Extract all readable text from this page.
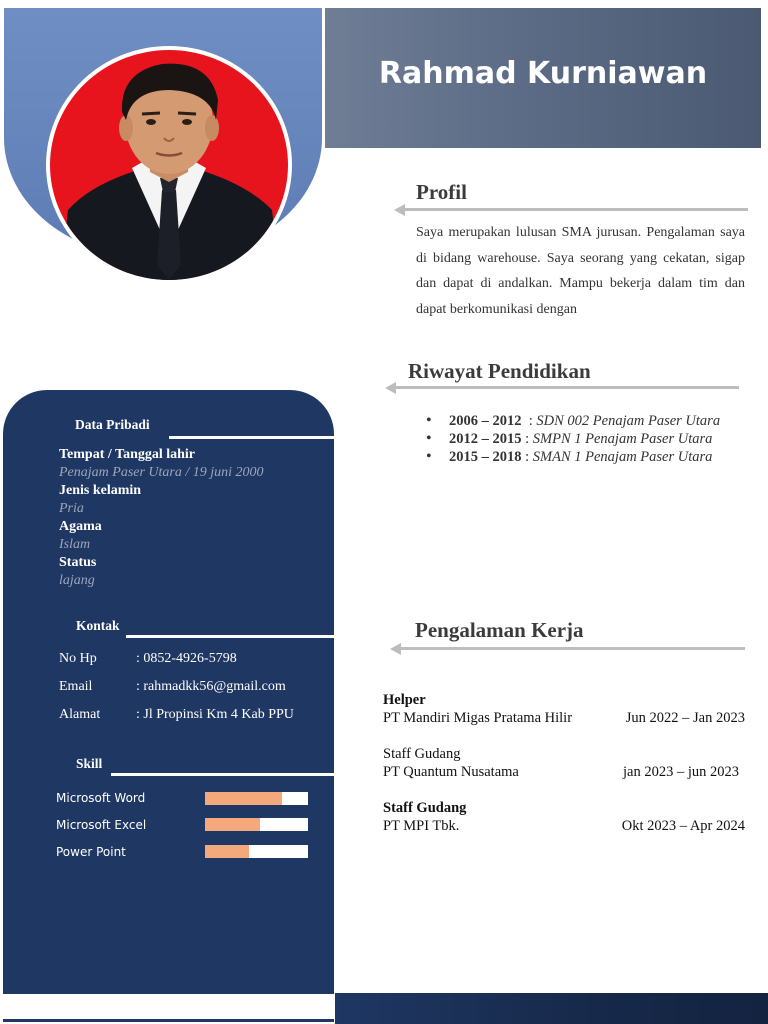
Rahmad Kurniawan
Profil
Saya merupakan lulusan SMA jurusan. Pengalaman saya di bidang warehouse. Saya seorang yang cekatan, sigap dan dapat di andalkan. Mampu bekerja dalam tim dan dapat berkomunikasi dengan
Riwayat Pendidikan
• 2006 – 2012  : SDN 002 Penajam Paser Utara
• 2012 – 2015 : SMPN 1 Penajam Paser Utara
• 2015 – 2018 : SMAN 1 Penajam Paser Utara
Pengalaman Kerja
Helper
PT Mandiri Migas Pratama Hilir	Jun 2022 – Jan 2023
Staff Gudang
PT Quantum Nusatama	jan 2023 – jun 2023
Staff Gudang
PT MPI Tbk.	Okt 2023 – Apr 2024
Data Pribadi
Tempat / Tanggal lahir
Penajam Paser Utara / 19 juni 2000
Jenis kelamin
Pria
Agama
Islam
Status
lajang
Kontak
No Hp	: 0852-4926-5798
Email	: rahmadkk56@gmail.com
Alamat	: Jl Propinsi Km 4 Kab PPU
Skill
Microsoft Word
Microsoft Excel
Power Point
